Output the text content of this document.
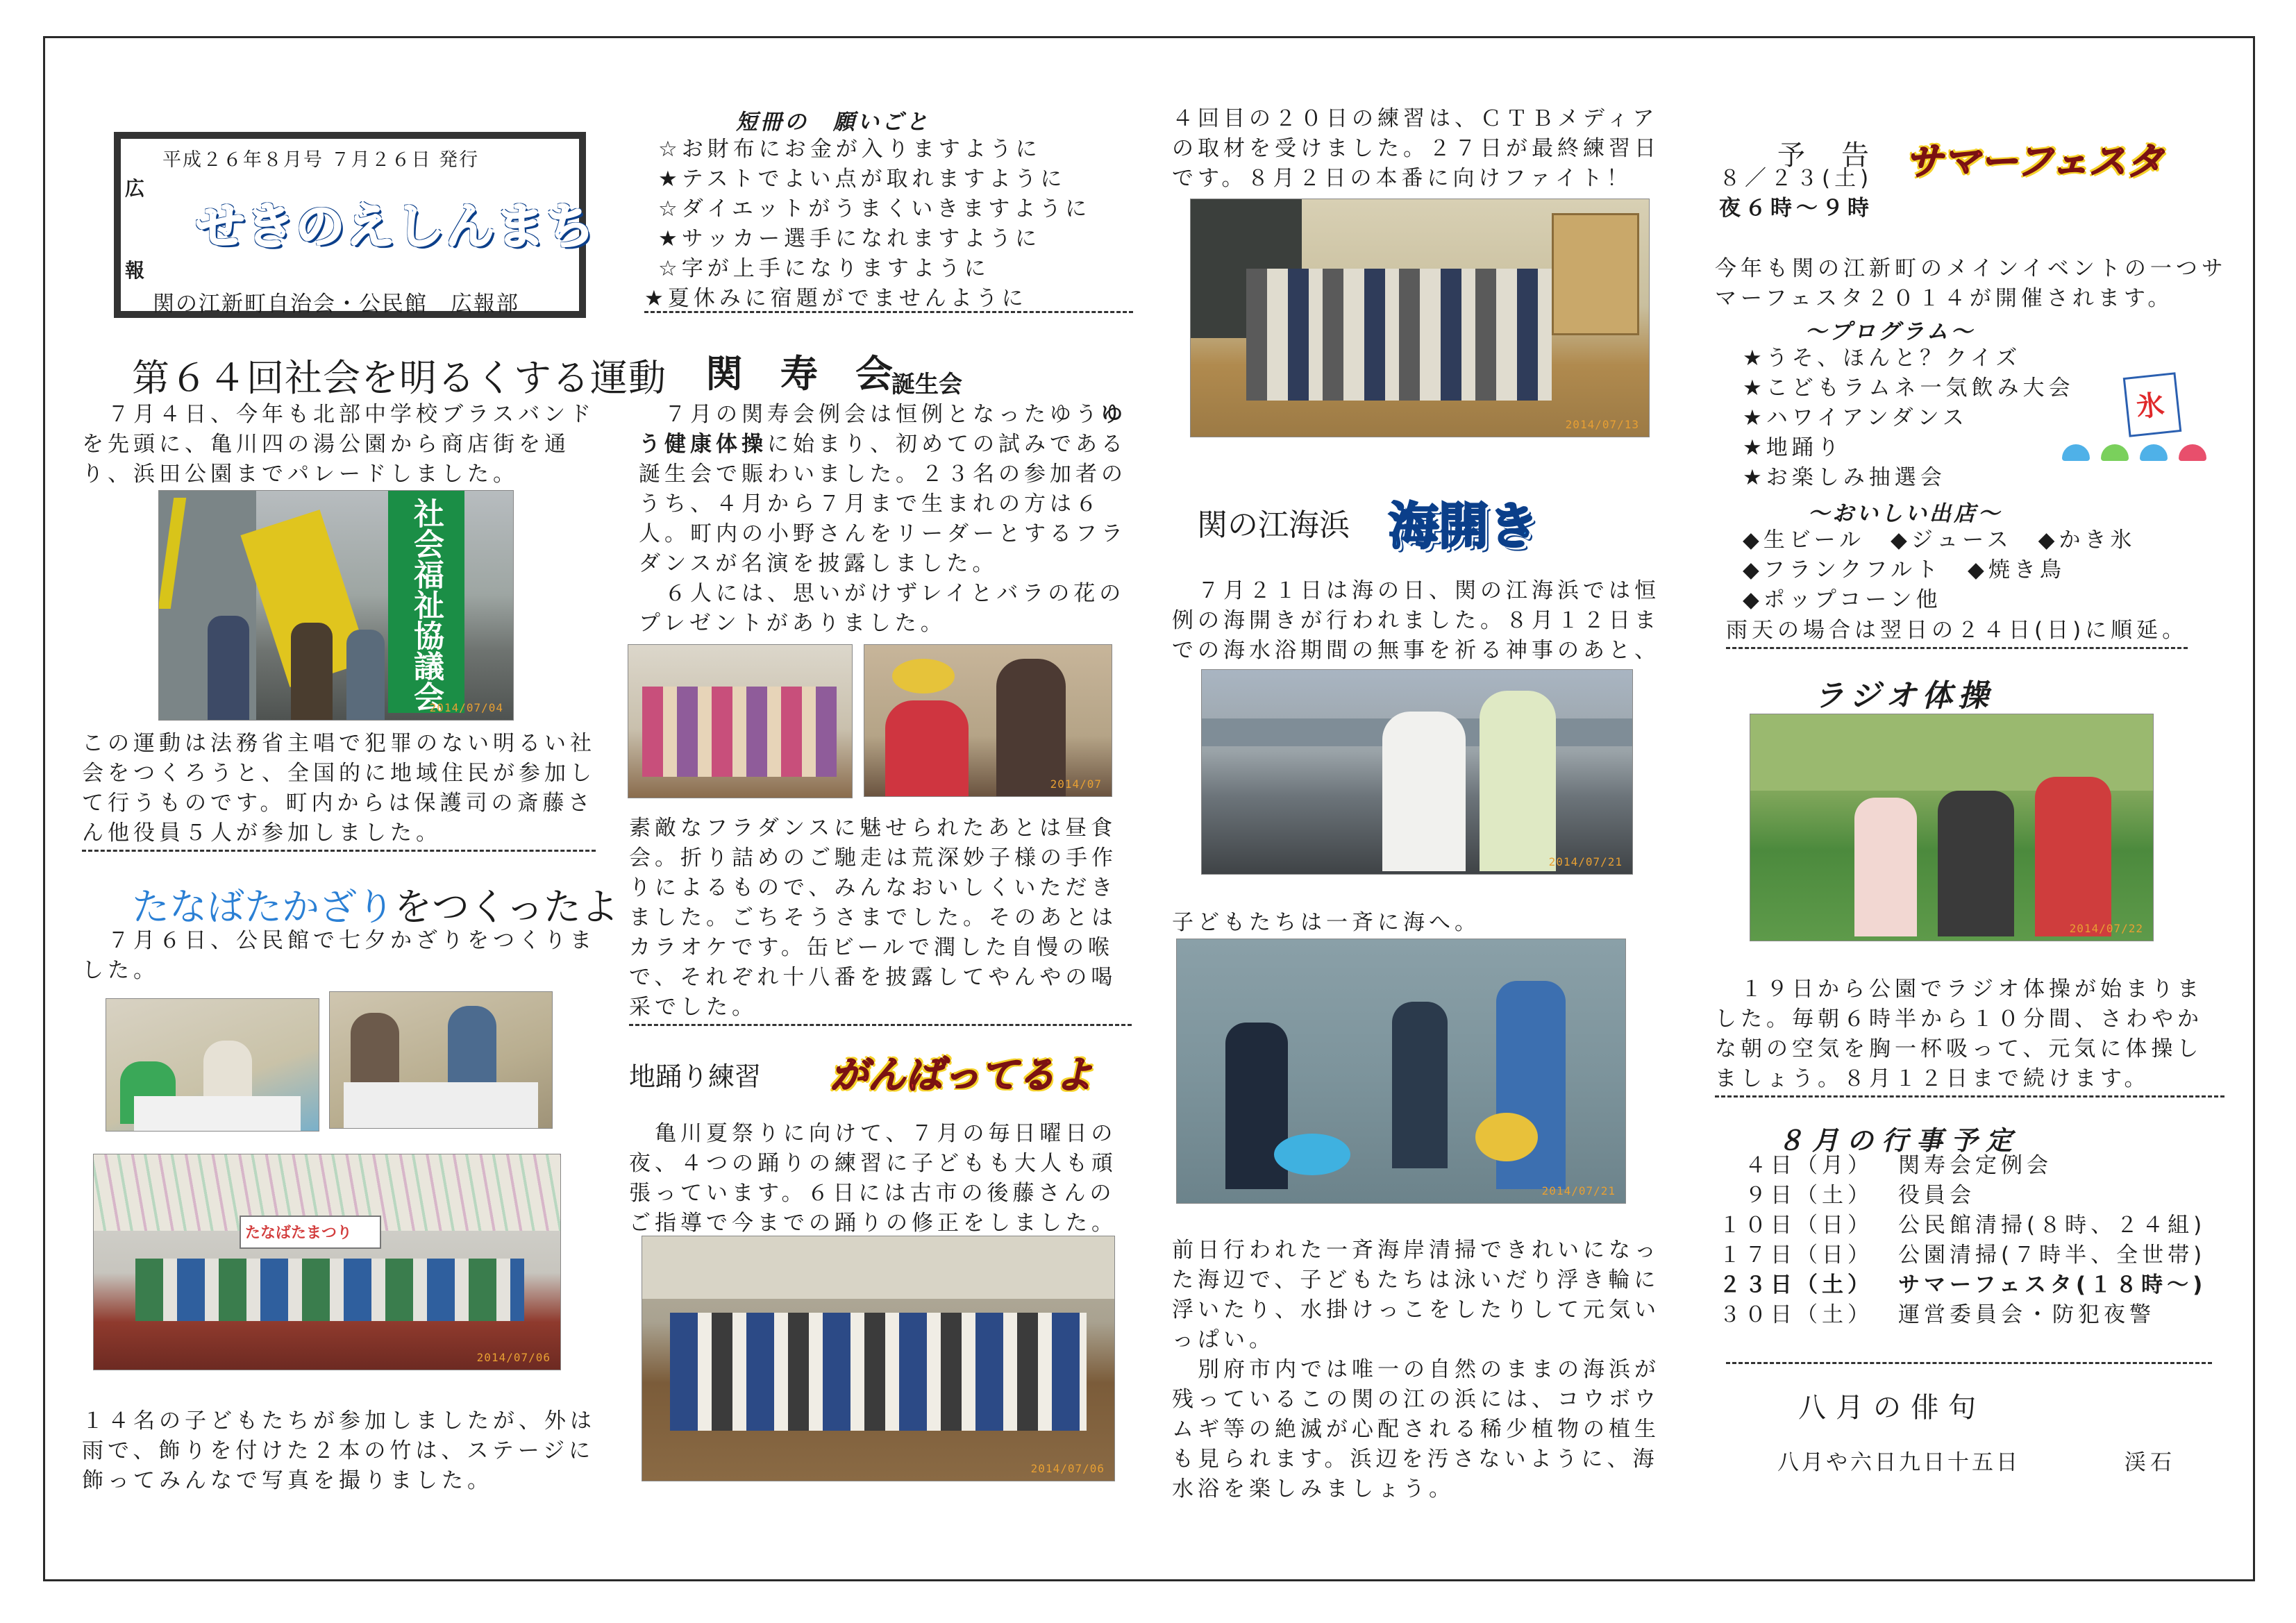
平成２６年８月号 ７月２６日 発行
広
せきのえしんまち
報
関の江新町自治会・公民館　広報部
第６４回社会を明るくする運動

　７月４日、今年も北部中学校ブラスバンドを先頭に、亀川四の湯公園から商店街を通り、浜田公園までパレードしました。

社会福祉協議会
2014/07/04

この運動は法務省主唱で犯罪のない明るい社会をつくろうと、全国的に地域住民が参加して行うものです。町内からは保護司の斎藤さん他役員５人が参加しました。

たなばたかざりをつくったよ

　７月６日、公民館で七夕かざりをつくりました。

たなばたまつり
2014/07/06

１４名の子どもたちが参加しましたが、外は雨で、飾りを付けた２本の竹は、ステージに飾ってみんなで写真を撮りました。

短冊の　願いごと
☆お財布にお金が入りますように
★テストでよい点が取れますように
☆ダイエットがうまくいきますように
★サッカー選手になれますように
☆字が上手になりますように
★夏休みに宿題がでませんように
関　寿　会
誕生会

　７月の関寿会例会は恒例となったゆうゆう健康体操に始まり、初めての試みである誕生会で賑わいました。２３名の参加者のうち、４月から７月まで生まれの方は６人。町内の小野さんをリーダーとするフラダンスが名演を披露しました。
　６人には、思いがけずレイとバラの花のプレゼントがありました。

2014/07

素敵なフラダンスに魅せられたあとは昼食会。折り詰めのご馳走は荒深妙子様の手作りによるもので、みんなおいしくいただきました。ごちそうさまでした。そのあとはカラオケです。缶ビールで潤した自慢の喉で、それぞれ十八番を披露してやんやの喝采でした。

地踊り練習 がんばってるよ

　亀川夏祭りに向けて、７月の毎日曜日の夜、４つの踊りの練習に子どもも大人も頑張っています。６日には古市の後藤さんのご指導で今までの踊りの修正をしました。

2014/07/06

４回目の２０日の練習は、ＣＴＢメディアの取材を受けました。２７日が最終練習日です。８月２日の本番に向けファイト！

2014/07/13
関の江海浜 海開き

　７月２１日は海の日、関の江海浜では恒例の海開きが行われました。８月１２日までの海水浴期間の無事を祈る神事のあと、

2014/07/21

子どもたちは一斉に海へ。

2014/07/21

前日行われた一斉海岸清掃できれいになった海辺で、子どもたちは泳いだり浮き輪に浮いたり、水掛けっこをしたりして元気いっぱい。
　別府市内では唯一の自然のままの海浜が残っているこの関の江の浜には、コウボウムギ等の絶滅が心配される稀少植物の植生も見られます。浜辺を汚さないように、海水浴を楽しみましょう。

予　告 サマーフェスタ
８／２３(土)
夜６時～９時

今年も関の江新町のメインイベントの一つサマーフェスタ２０１４が開催されます。

～プログラム～
★うそ、ほんと？クイズ
★こどもラムネ一気飲み大会
★ハワイアンダンス
★地踊り
★お楽しみ抽選会
氷
～おいしい出店～
◆生ビール　◆ジュース　◆かき氷
◆フランクフルト　◆焼き鳥
◆ポップコーン他
雨天の場合は翌日の２４日(日)に順延。
ラジオ体操
2014/07/22

　１９日から公園でラジオ体操が始まりました。毎朝６時半から１０分間、さわやかな朝の空気を胸一杯吸って、元気に体操しましょう。８月１２日まで続けます。

８月の行事予定
　４日（月） 関寿会定例会
　９日（土） 役員会
１０日（日） 公民館清掃(８時、２４組)
１７日（日） 公園清掃(７時半、全世帯)
２３日（土） サマーフェスタ(１８時～)
３０日（土） 運営委員会・防犯夜警
八月の俳句
八月や六日九日十五日	渓石
